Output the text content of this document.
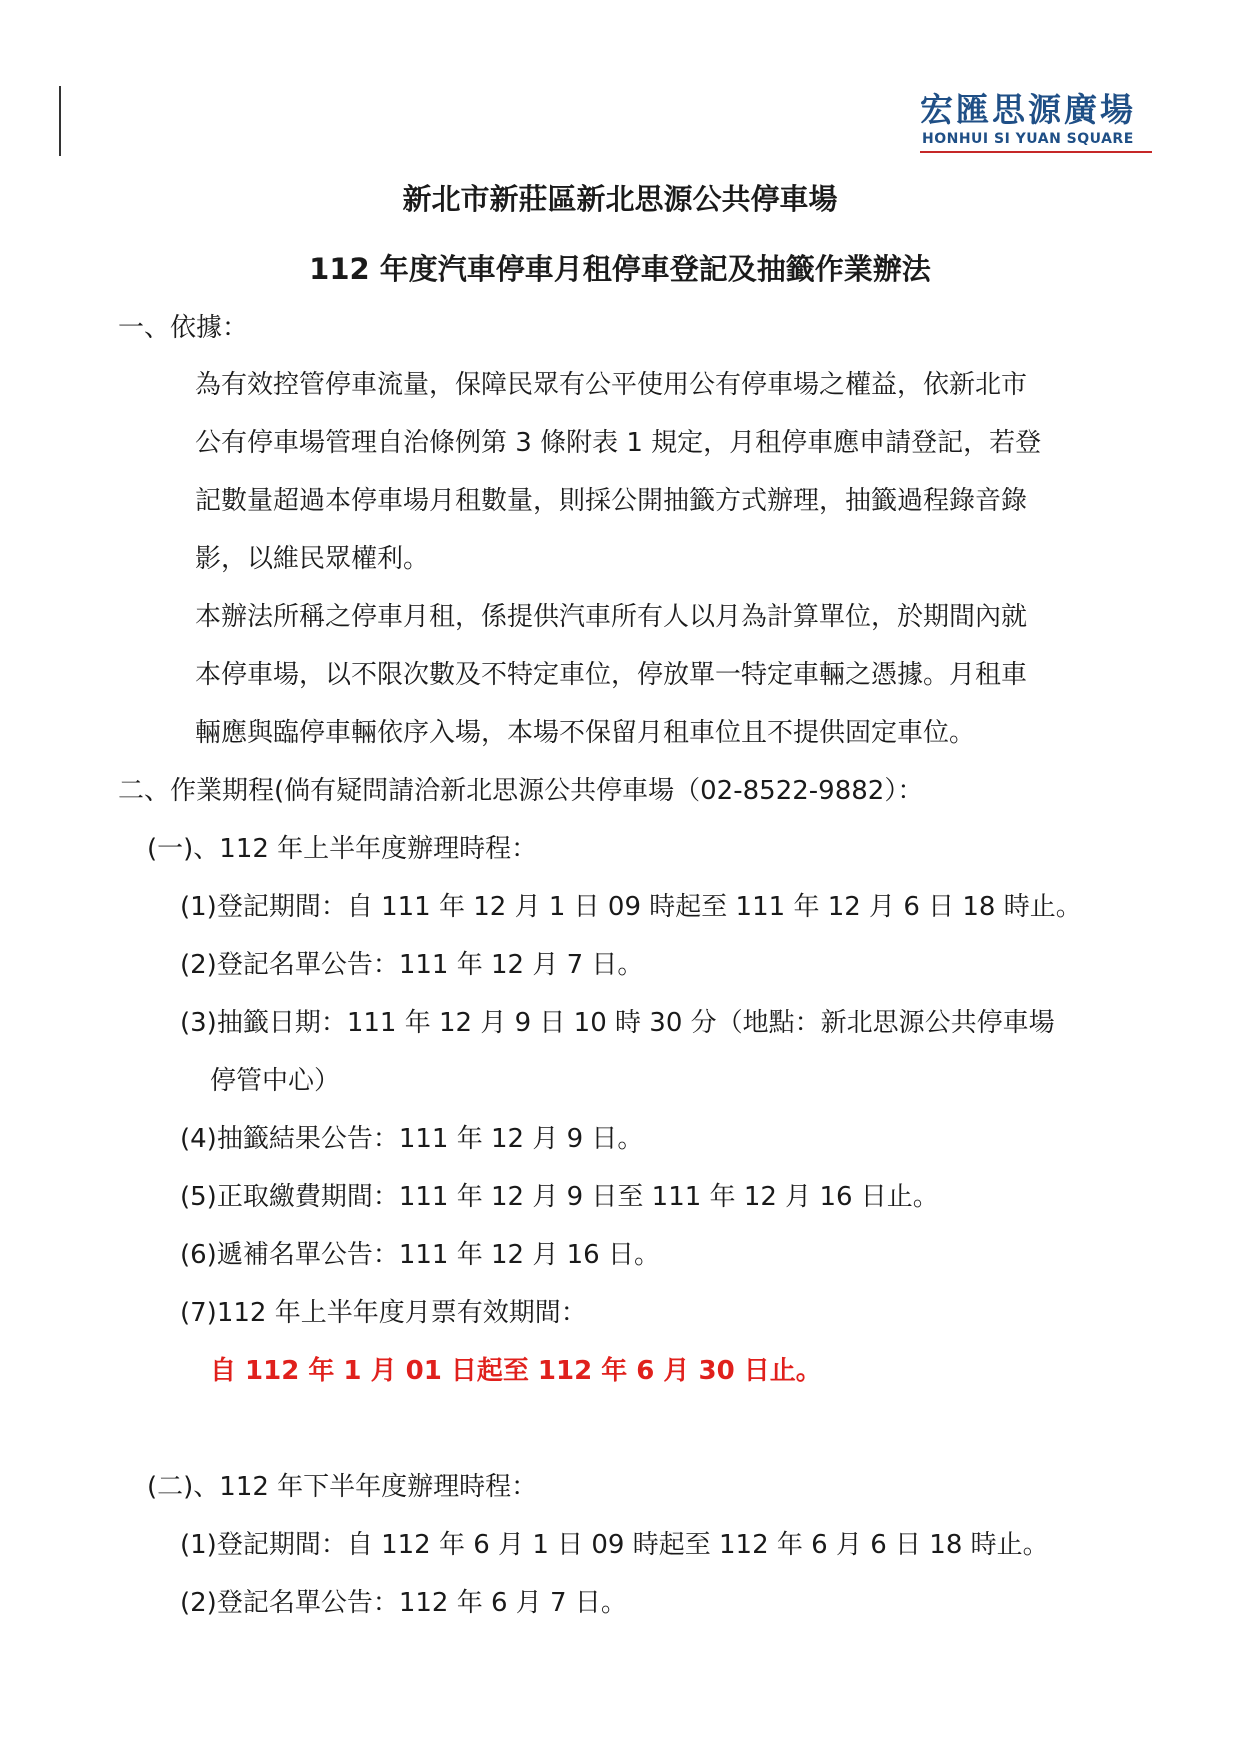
宏匯思源廣場
HONHUI SI YUAN SQUARE
新北市新莊區新北思源公共停車場
112 年度汽車停車月租停車登記及抽籤作業辦法
一、依據：
為有效控管停車流量，保障民眾有公平使用公有停車場之權益，依新北市
公有停車場管理自治條例第 3 條附表 1 規定，月租停車應申請登記，若登
記數量超過本停車場月租數量，則採公開抽籤方式辦理，抽籤過程錄音錄
影，以維民眾權利。
本辦法所稱之停車月租，係提供汽車所有人以月為計算單位，於期間內就
本停車場，以不限次數及不特定車位，停放單一特定車輛之憑據。月租車
輛應與臨停車輛依序入場，本場不保留月租車位且不提供固定車位。
二、作業期程(倘有疑問請洽新北思源公共停車場（02-8522-9882）：
(一)、112 年上半年度辦理時程：
(1)登記期間：自 111 年 12 月 1 日 09 時起至 111 年 12 月 6 日 18 時止。
(2)登記名單公告：111 年 12 月 7 日。
(3)抽籤日期：111 年 12 月 9 日 10 時 30 分（地點：新北思源公共停車場
停管中心）
(4)抽籤結果公告：111 年 12 月 9 日。
(5)正取繳費期間：111 年 12 月 9 日至 111 年 12 月 16 日止。
(6)遞補名單公告：111 年 12 月 16 日。
(7)112 年上半年度月票有效期間：
自 112 年 1 月 01 日起至 112 年 6 月 30 日止。
(二)、112 年下半年度辦理時程：
(1)登記期間：自 112 年 6 月 1 日 09 時起至 112 年 6 月 6 日 18 時止。
(2)登記名單公告：112 年 6 月 7 日。
